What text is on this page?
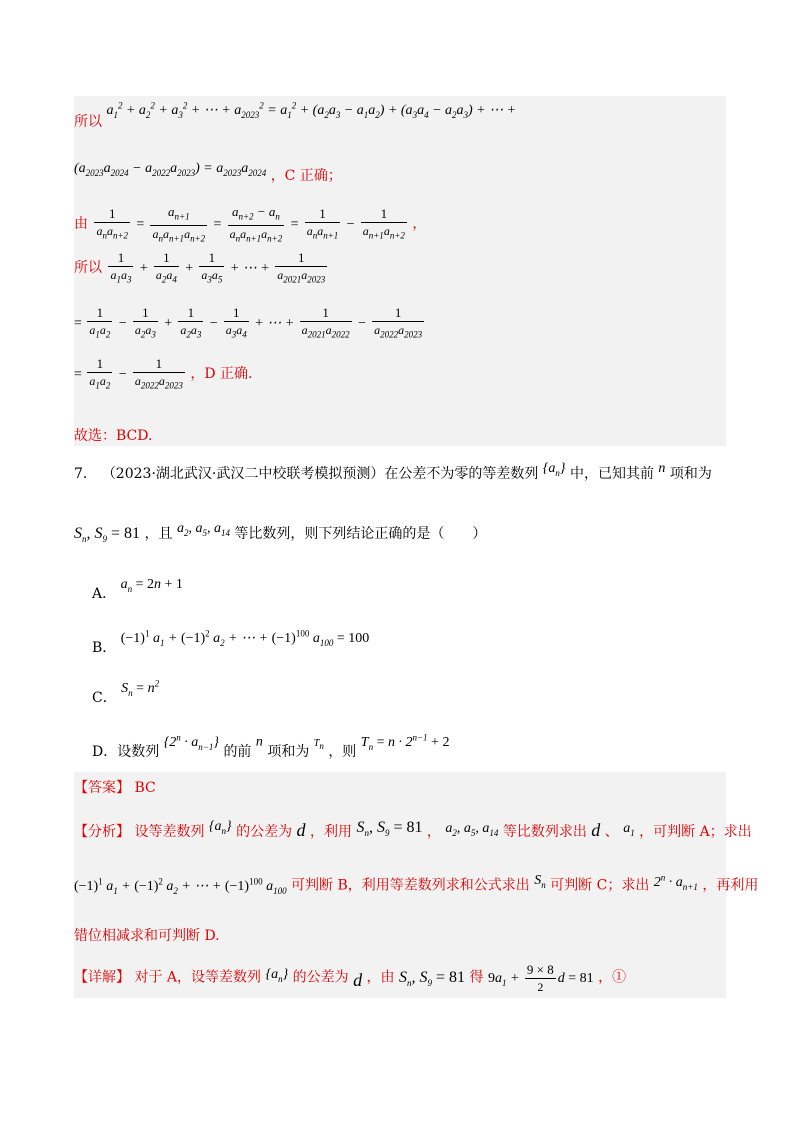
所以 $a_1^2 + a_2^2 + a_3^2$ + ⋯ + $a_{2023}^2 = a_1^2 + (a_2a_3 - a_1a_2) + (a_3a_4 - a_2a_3)$ + ⋯ +
$(a_{2023}a_{2024} - a_{2022}a_{2023}) = a_{2023}a_{2024}$ ，C 正确；
由 $\frac{1}{a_na_{n+2}} = \frac{a_{n+1}}{a_na_{n+1}a_{n+2}} = \frac{a_{n+2} - a_n}{a_na_{n+1}a_{n+2}} = \frac{1}{a_na_{n+1}} - \frac{1}{a_{n+1}a_{n+2}}$ ，
所以 $\frac{1}{a_1a_3} + \frac{1}{a_2a_4} + \frac{1}{a_3a_5}$ + ⋯ + $\frac{1}{a_{2021}a_{2023}}$
= $\frac{1}{a_1a_2} - \frac{1}{a_2a_3} + \frac{1}{a_2a_3} - \frac{1}{a_3a_4}$ + ⋯ + $\frac{1}{a_{2021}a_{2022}} - \frac{1}{a_{2022}a_{2023}}$
= $\frac{1}{a_1a_2} - \frac{1}{a_{2022}a_{2023}}$ ，D 正确.
故选：BCD.
7. （2023·湖北武汉·武汉二中校联考模拟预测）在公差不为零的等差数列 $\{a_n\}$ 中，已知其前 n 项和为
$S_n$, $S_9 = 81$ ，且 $a_2$, $a_5$, $a_{14}$ 等比数列，则下列结论正确的是（　　）
A． $a_n = 2n + 1$
B． $(-1)^1$ $a_1 + (-1)^2$ $a_2$ + ⋯ + $(-1)^{100}$ $a_{100} = 100$
C． $S_n = n^2$
D．设数列 $\{2^n \cdot a_{n-1}\}$ 的前 n 项和为 $T_n$ ，则 $T_n = n \cdot 2^{n-1} + 2$
【答案】 BC
【分析】 设等差数列 $\{a_n\}$ 的公差为 d ，利用 $S_n$, $S_9 = 81$ ， $a_2$, $a_5$, $a_{14}$ 等比数列求出 d 、 $a_1$ ，可判断 A；求出
$(-1)^1$ $a_1 + (-1)^2$ $a_2$ + ⋯ + $(-1)^{100}$ $a_{100}$ 可判断 B，利用等差数列求和公式求出 $S_n$ 可判断 C；求出 $2^n \cdot a_{n+1}$ ，再利用
错位相减求和可判断 D.
【详解】 对于 A，设等差数列 $\{a_n\}$ 的公差为 d ，由 $S_n$, $S_9 = 81$ 得 $9a_1 + \frac{9 \times 8}{2}$ d = 81 ，①
